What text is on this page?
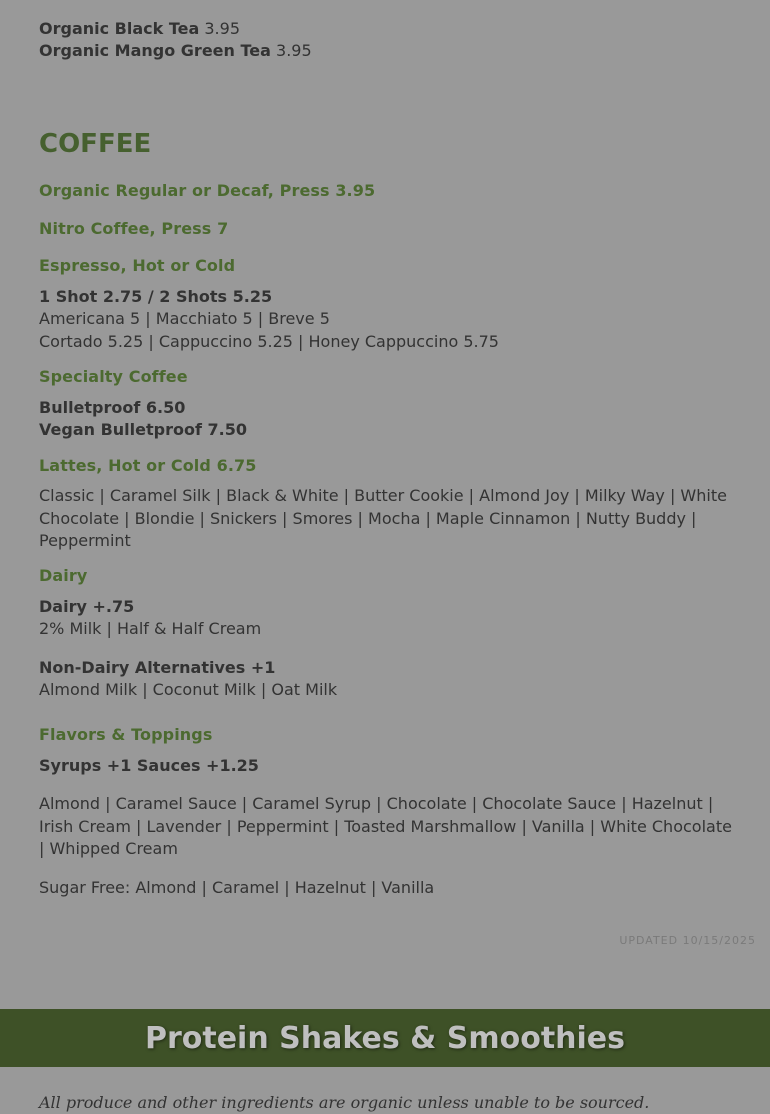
Organic Black Tea 3.95
Organic Mango Green Tea 3.95
COFFEE
Organic Regular or Decaf, Press 3.95
Nitro Coffee, Press 7
Espresso, Hot or Cold
1 Shot 2.75 / 2 Shots 5.25
Americana 5 | Macchiato 5 | Breve 5
Cortado 5.25 | Cappuccino 5.25 | Honey Cappuccino 5.75
Specialty Coffee
Bulletproof 6.50
Vegan Bulletproof 7.50
Lattes, Hot or Cold 6.75
Classic | Caramel Silk | Black & White | Butter Cookie | Almond Joy | Milky Way | White Chocolate | Blondie | Snickers | Smores | Mocha | Maple Cinnamon | Nutty Buddy | Peppermint
Dairy
Dairy +.75
2% Milk | Half & Half Cream
Non-Dairy Alternatives +1
Almond Milk | Coconut Milk | Oat Milk
Flavors & Toppings
Syrups +1 Sauces +1.25
Almond | Caramel Sauce | Caramel Syrup | Chocolate | Chocolate Sauce | Hazelnut | Irish Cream | Lavender | Peppermint | Toasted Marshmallow | Vanilla | White Chocolate | Whipped Cream
Sugar Free: Almond | Caramel | Hazelnut | Vanilla
UPDATED 10/15/2025
Protein Shakes & Smoothies
All produce and other ingredients are organic unless unable to be sourced.
